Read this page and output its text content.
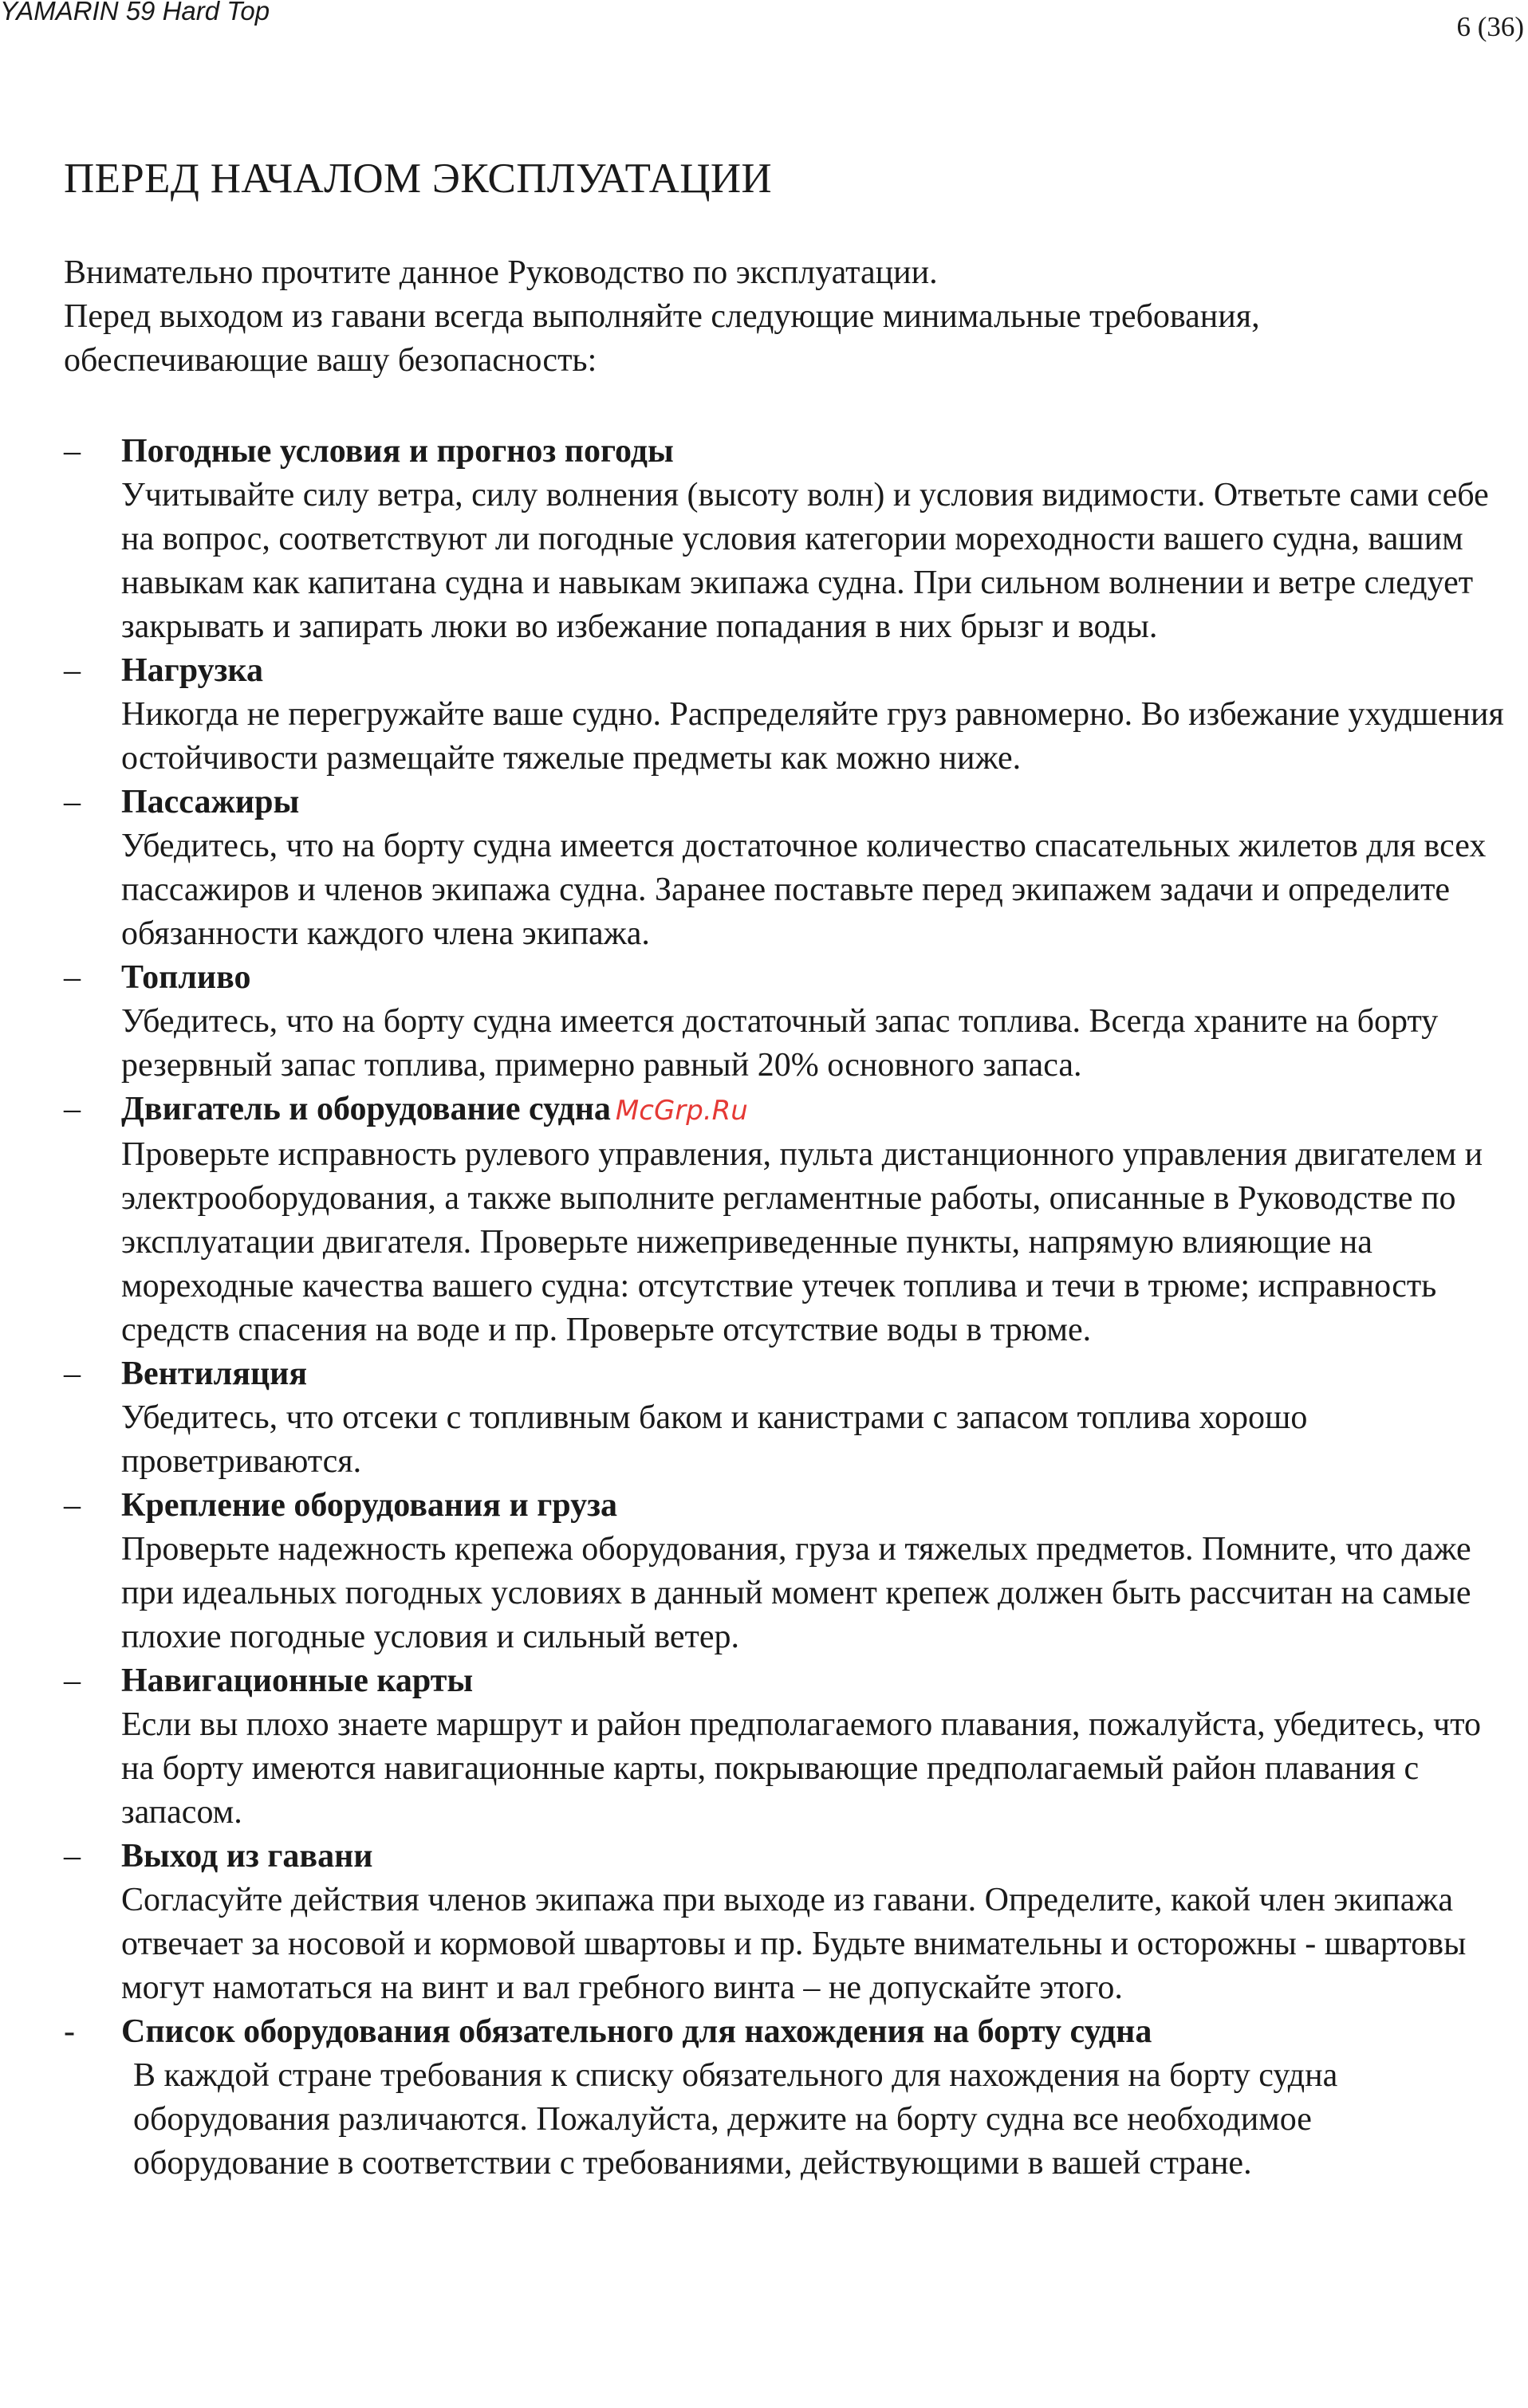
YAMARIN 59 Hard Top
6 (36)
ПЕРЕД НАЧАЛОМ ЭКСПЛУАТАЦИИ

Внимательно прочтите данное Руководство по эксплуатации.

Перед выходом из гавани всегда выполняйте следующие минимальные требования, обеспечивающие вашу безопасность:

–	Погодные условия и прогноз погоды
Учитывайте силу ветра, силу волнения (высоту волн) и условия видимости. Ответьте сами себе на вопрос, соответствуют ли погодные условия категории мореходности вашего судна, вашим навыкам как капитана судна и навыкам экипажа судна. При сильном волнении и ветре следует закрывать и запирать люки во избежание попадания в них брызг и воды.
–	Нагрузка
Никогда не перегружайте ваше судно. Распределяйте груз равномерно. Во избежание ухудшения остойчивости размещайте тяжелые предметы как можно ниже.
–	Пассажиры
Убедитесь, что на борту судна имеется достаточное количество спасательных жилетов для всех пассажиров и членов экипажа судна. Заранее поставьте перед экипажем задачи и определите обязанности каждого члена экипажа.
–	Топливо
Убедитесь, что на борту судна имеется достаточный запас топлива. Всегда храните на борту резервный запас топлива, примерно равный 20% основного запаса.
–	Двигатель и оборудование судна McGrp.Ru
Проверьте исправность рулевого управления, пульта дистанционного управления двигателем и электрооборудования, а также выполните регламентные работы, описанные в Руководстве по эксплуатации двигателя. Проверьте нижеприведенные пункты, напрямую влияющие на мореходные качества вашего судна: отсутствие утечек топлива и течи в трюме; исправность средств спасения на воде и пр. Проверьте отсутствие воды в трюме.
–	Вентиляция
Убедитесь, что отсеки с топливным баком и канистрами с запасом топлива хорошо проветриваются.
–	Крепление оборудования и груза
Проверьте надежность крепежа оборудования, груза и тяжелых предметов. Помните, что даже при идеальных погодных условиях в данный момент крепеж должен быть рассчитан на самые плохие погодные условия и сильный ветер.
–	Навигационные карты
Если вы плохо знаете маршрут и район предполагаемого плавания, пожалуйста, убедитесь, что на борту имеются навигационные карты, покрывающие предполагаемый район плавания с запасом.
–	Выход из гавани
Согласуйте действия членов экипажа при выходе из гавани. Определите, какой член экипажа отвечает за носовой и кормовой швартовы и пр. Будьте внимательны и осторожны - швартовы могут намотаться на винт и вал гребного винта – не допускайте этого.
-	Список оборудования обязательного для нахождения на борту судна
В каждой стране требования к списку обязательного для нахождения на борту судна оборудования различаются. Пожалуйста, держите на борту судна все необходимое оборудование в соответствии с требованиями, действующими в вашей стране.
